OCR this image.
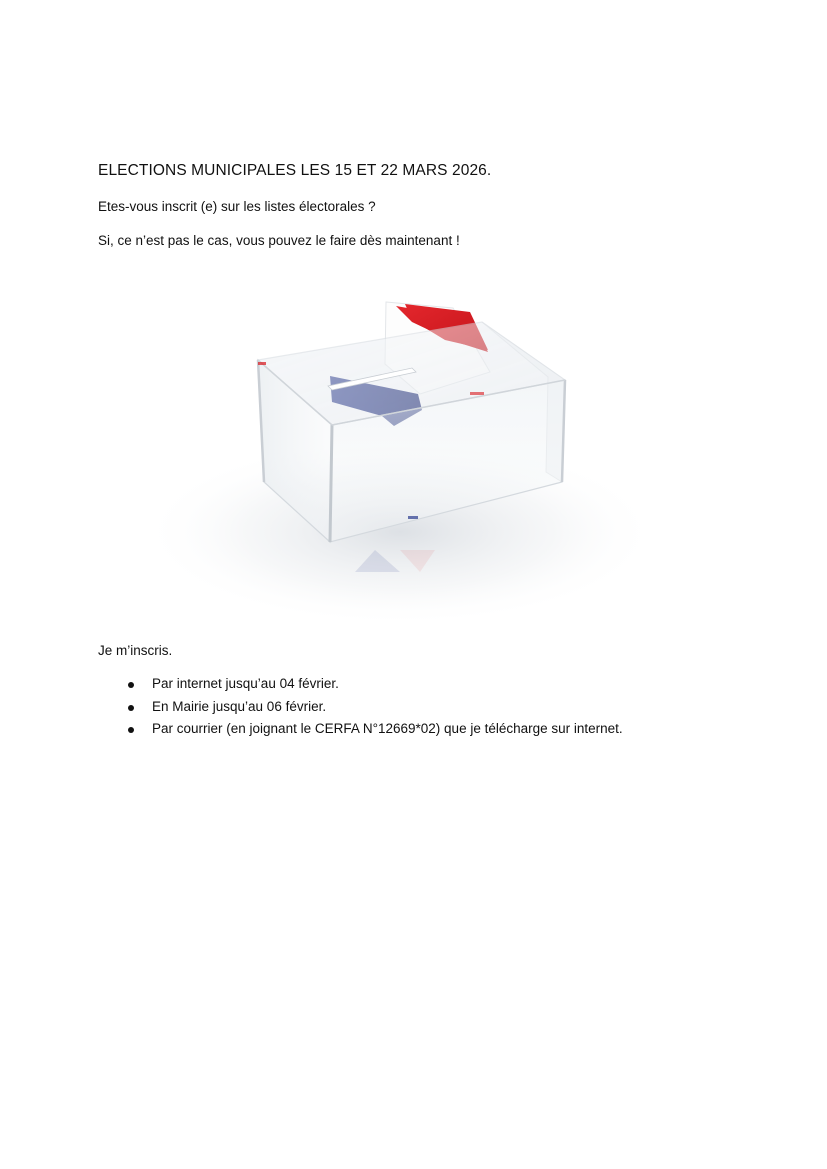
ELECTIONS MUNICIPALES LES 15 ET 22 MARS 2026.
Etes-vous inscrit (e) sur les listes électorales ?
Si, ce n’est pas le cas, vous pouvez le faire dès maintenant !
Je m’inscris.
Par internet jusqu’au 04 février.
En Mairie jusqu’au 06 février.
Par courrier (en joignant le CERFA N°12669*02) que je télécharge sur internet.
